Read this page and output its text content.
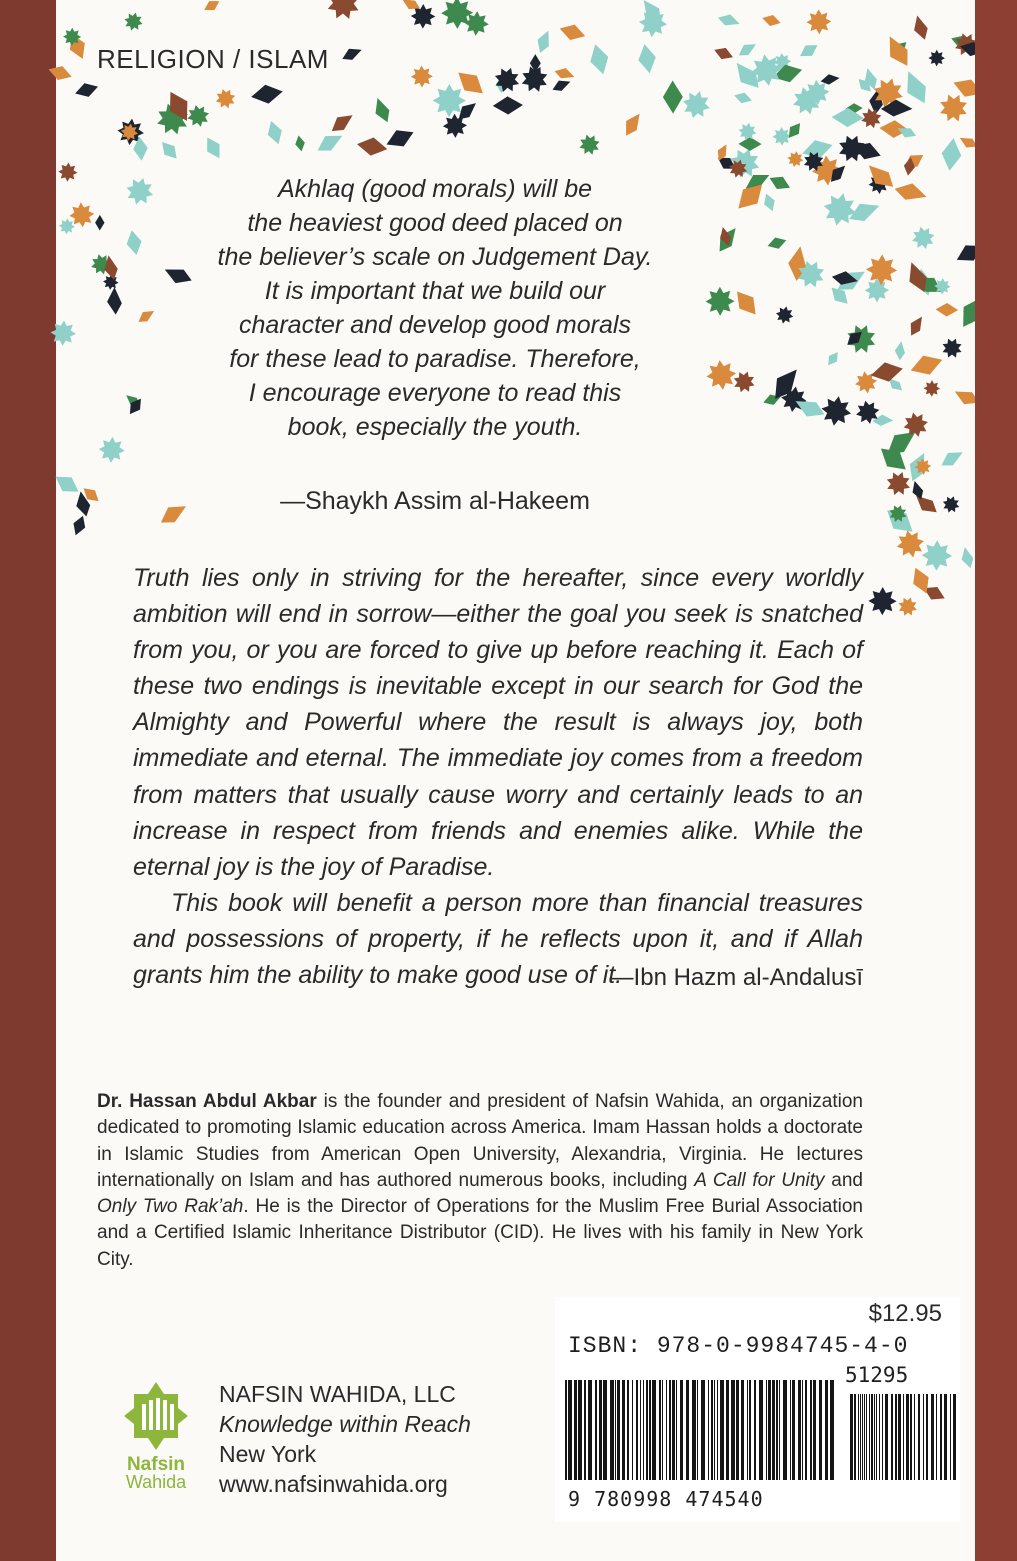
RELIGION / ISLAM
Akhlaq (good morals) will be
the heaviest good deed placed on
the believer’s scale on Judgement Day.
It is important that we build our
character and develop good morals
for these lead to paradise. Therefore,
I encourage everyone to read this
book, especially the youth.
—Shaykh Assim al-Hakeem

Truth lies only in striving for the hereafter, since every worldly ambition will end in sorrow—either the goal you seek is snatched from you, or you are forced to give up before reaching it. Each of these two endings is inevitable except in our search for God the Almighty and Powerful where the result is always joy, both immediate and eternal. The immediate joy comes from a freedom from matters that usually cause worry and certainly leads to an increase in respect from friends and enemies alike. While the eternal joy is the joy of Paradise.

This book will benefit a person more than financial treasures and possessions of property, if he reflects upon it, and if Allah grants him the ability to make good use of it.

—Ibn Hazm al-Andalusī
Dr. Hassan Abdul Akbar is the founder and president of Nafsin Wahida, an organization dedicated to promoting Islamic education across America. Imam Hassan holds a doctorate in Islamic Studies from American Open University, Alexandria, Virginia. He lectures internationally on Islam and has authored numerous books, including A Call for Unity and Only Two Rak’ah. He is the Director of Operations for the Muslim Free Burial Association and a Certified Islamic Inheritance Distributor (CID). He lives with his family in New York City.
Nafsin
Wahida
NAFSIN WAHIDA, LLC
Knowledge within Reach
New York
www.nafsinwahida.org
$12.95
ISBN: 978-0-9984745-4-0
51295
9 780998 474540
